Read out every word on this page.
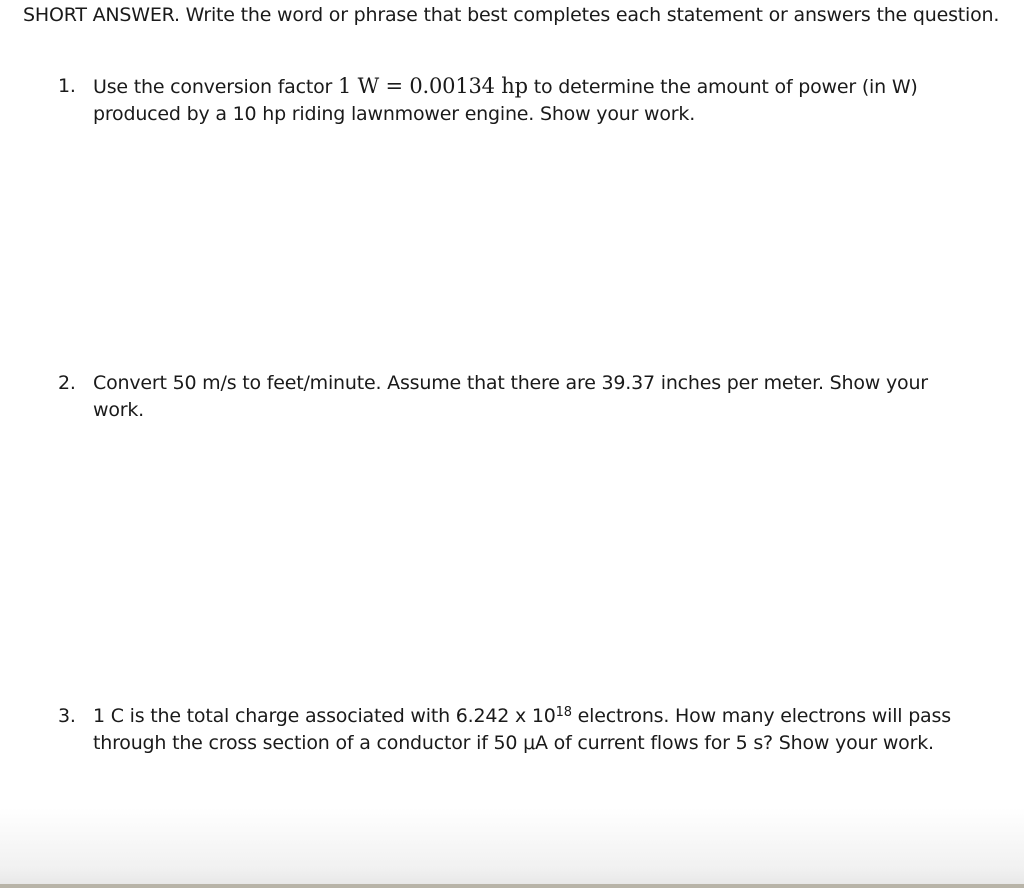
SHORT ANSWER. Write the word or phrase that best completes each statement or answers the question.

1. Use the conversion factor 1 W = 0.00134 hp to determine the amount of power (in W) produced by a 10 hp riding lawnmower engine. Show your work.
2. Convert 50 m/s to feet/minute. Assume that there are 39.37 inches per meter. Show your work.
3. 1 C is the total charge associated with 6.242 x $10^{18}$ electrons. How many electrons will pass through the cross section of a conductor if 50 μA of current flows for 5 s? Show your work.
